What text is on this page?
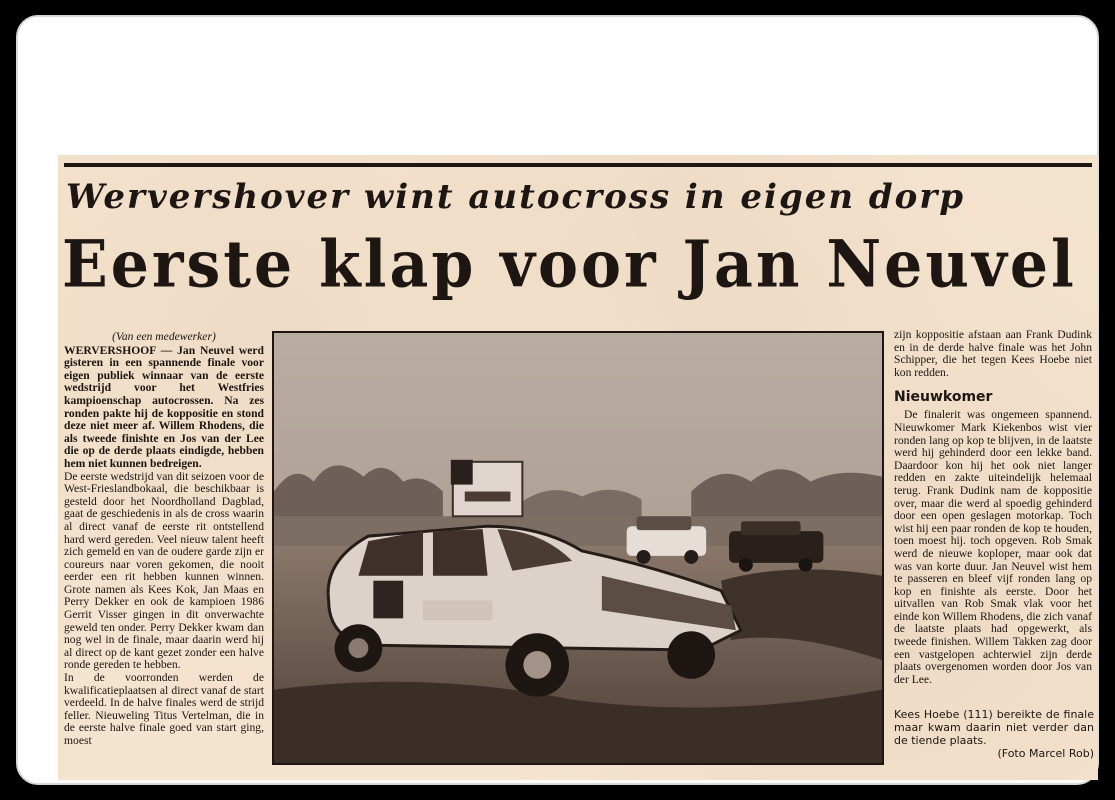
Wervershover wint autocross in eigen dorp
Eerste klap voor Jan Neuvel
(Van een medewerker)
WERVERSHOOF — Jan Neuvel werd gisteren in een spannende finale voor eigen publiek winnaar van de eerste wedstrijd voor het Westfries kampioenschap autocrossen. Na zes ronden pakte hij de koppositie en stond deze niet meer af. Willem Rhodens, die als tweede finishte en Jos van der Lee die op de derde plaats eindigde, hebben hem niet kunnen bedreigen.
De eerste wedstrijd van dit seizoen voor de West-Frieslandbokaal, die beschikbaar is gesteld door het Noordholland Dagblad, gaat de geschiedenis in als de cross waarin al direct vanaf de eerste rit ontstellend hard werd gereden. Veel nieuw talent heeft zich gemeld en van de oudere garde zijn er coureurs naar voren gekomen, die nooit eerder een rit hebben kunnen winnen. Grote namen als Kees Kok, Jan Maas en Perry Dekker en ook de kampioen 1986 Gerrit Visser gingen in dit onverwachte geweld ten onder. Perry Dekker kwam dan nog wel in de finale, maar daarin werd hij al direct op de kant gezet zonder een halve ronde gereden te hebben.
In de voorronden werden de kwalificatieplaatsen al direct vanaf de start verdeeld. In de halve finales werd de strijd feller. Nieuweling Titus Vertelman, die in de eerste halve finale goed van start ging, moest
zijn koppositie afstaan aan Frank Dudink en in de derde halve finale was het John Schipper, die het tegen Kees Hoebe niet kon redden.
Nieuwkomer
De finalerit was ongemeen spannend. Nieuwkomer Mark Kiekenbos wist vier ronden lang op kop te blijven, in de laatste werd hij gehinderd door een lekke band. Daardoor kon hij het ook niet langer redden en zakte uiteindelijk helemaal terug. Frank Dudink nam de koppositie over, maar die werd al spoedig gehinderd door een open geslagen motorkap. Toch wist hij een paar ronden de kop te houden, toen moest hij. toch opgeven. Rob Smak werd de nieuwe koploper, maar ook dat was van korte duur. Jan Neuvel wist hem te passeren en bleef vijf ronden lang op kop en finishte als eerste. Door het uitvallen van Rob Smak vlak voor het einde kon Willem Rhodens, die zich vanaf de laatste plaats had opgewerkt, als tweede finishen. Willem Takken zag door een vastgelopen achterwiel zijn derde plaats overgenomen worden door Jos van der Lee.
Kees Hoebe (111) bereikte de finale maar kwam daarin niet verder dan de tiende plaats.
(Foto Marcel Rob)
